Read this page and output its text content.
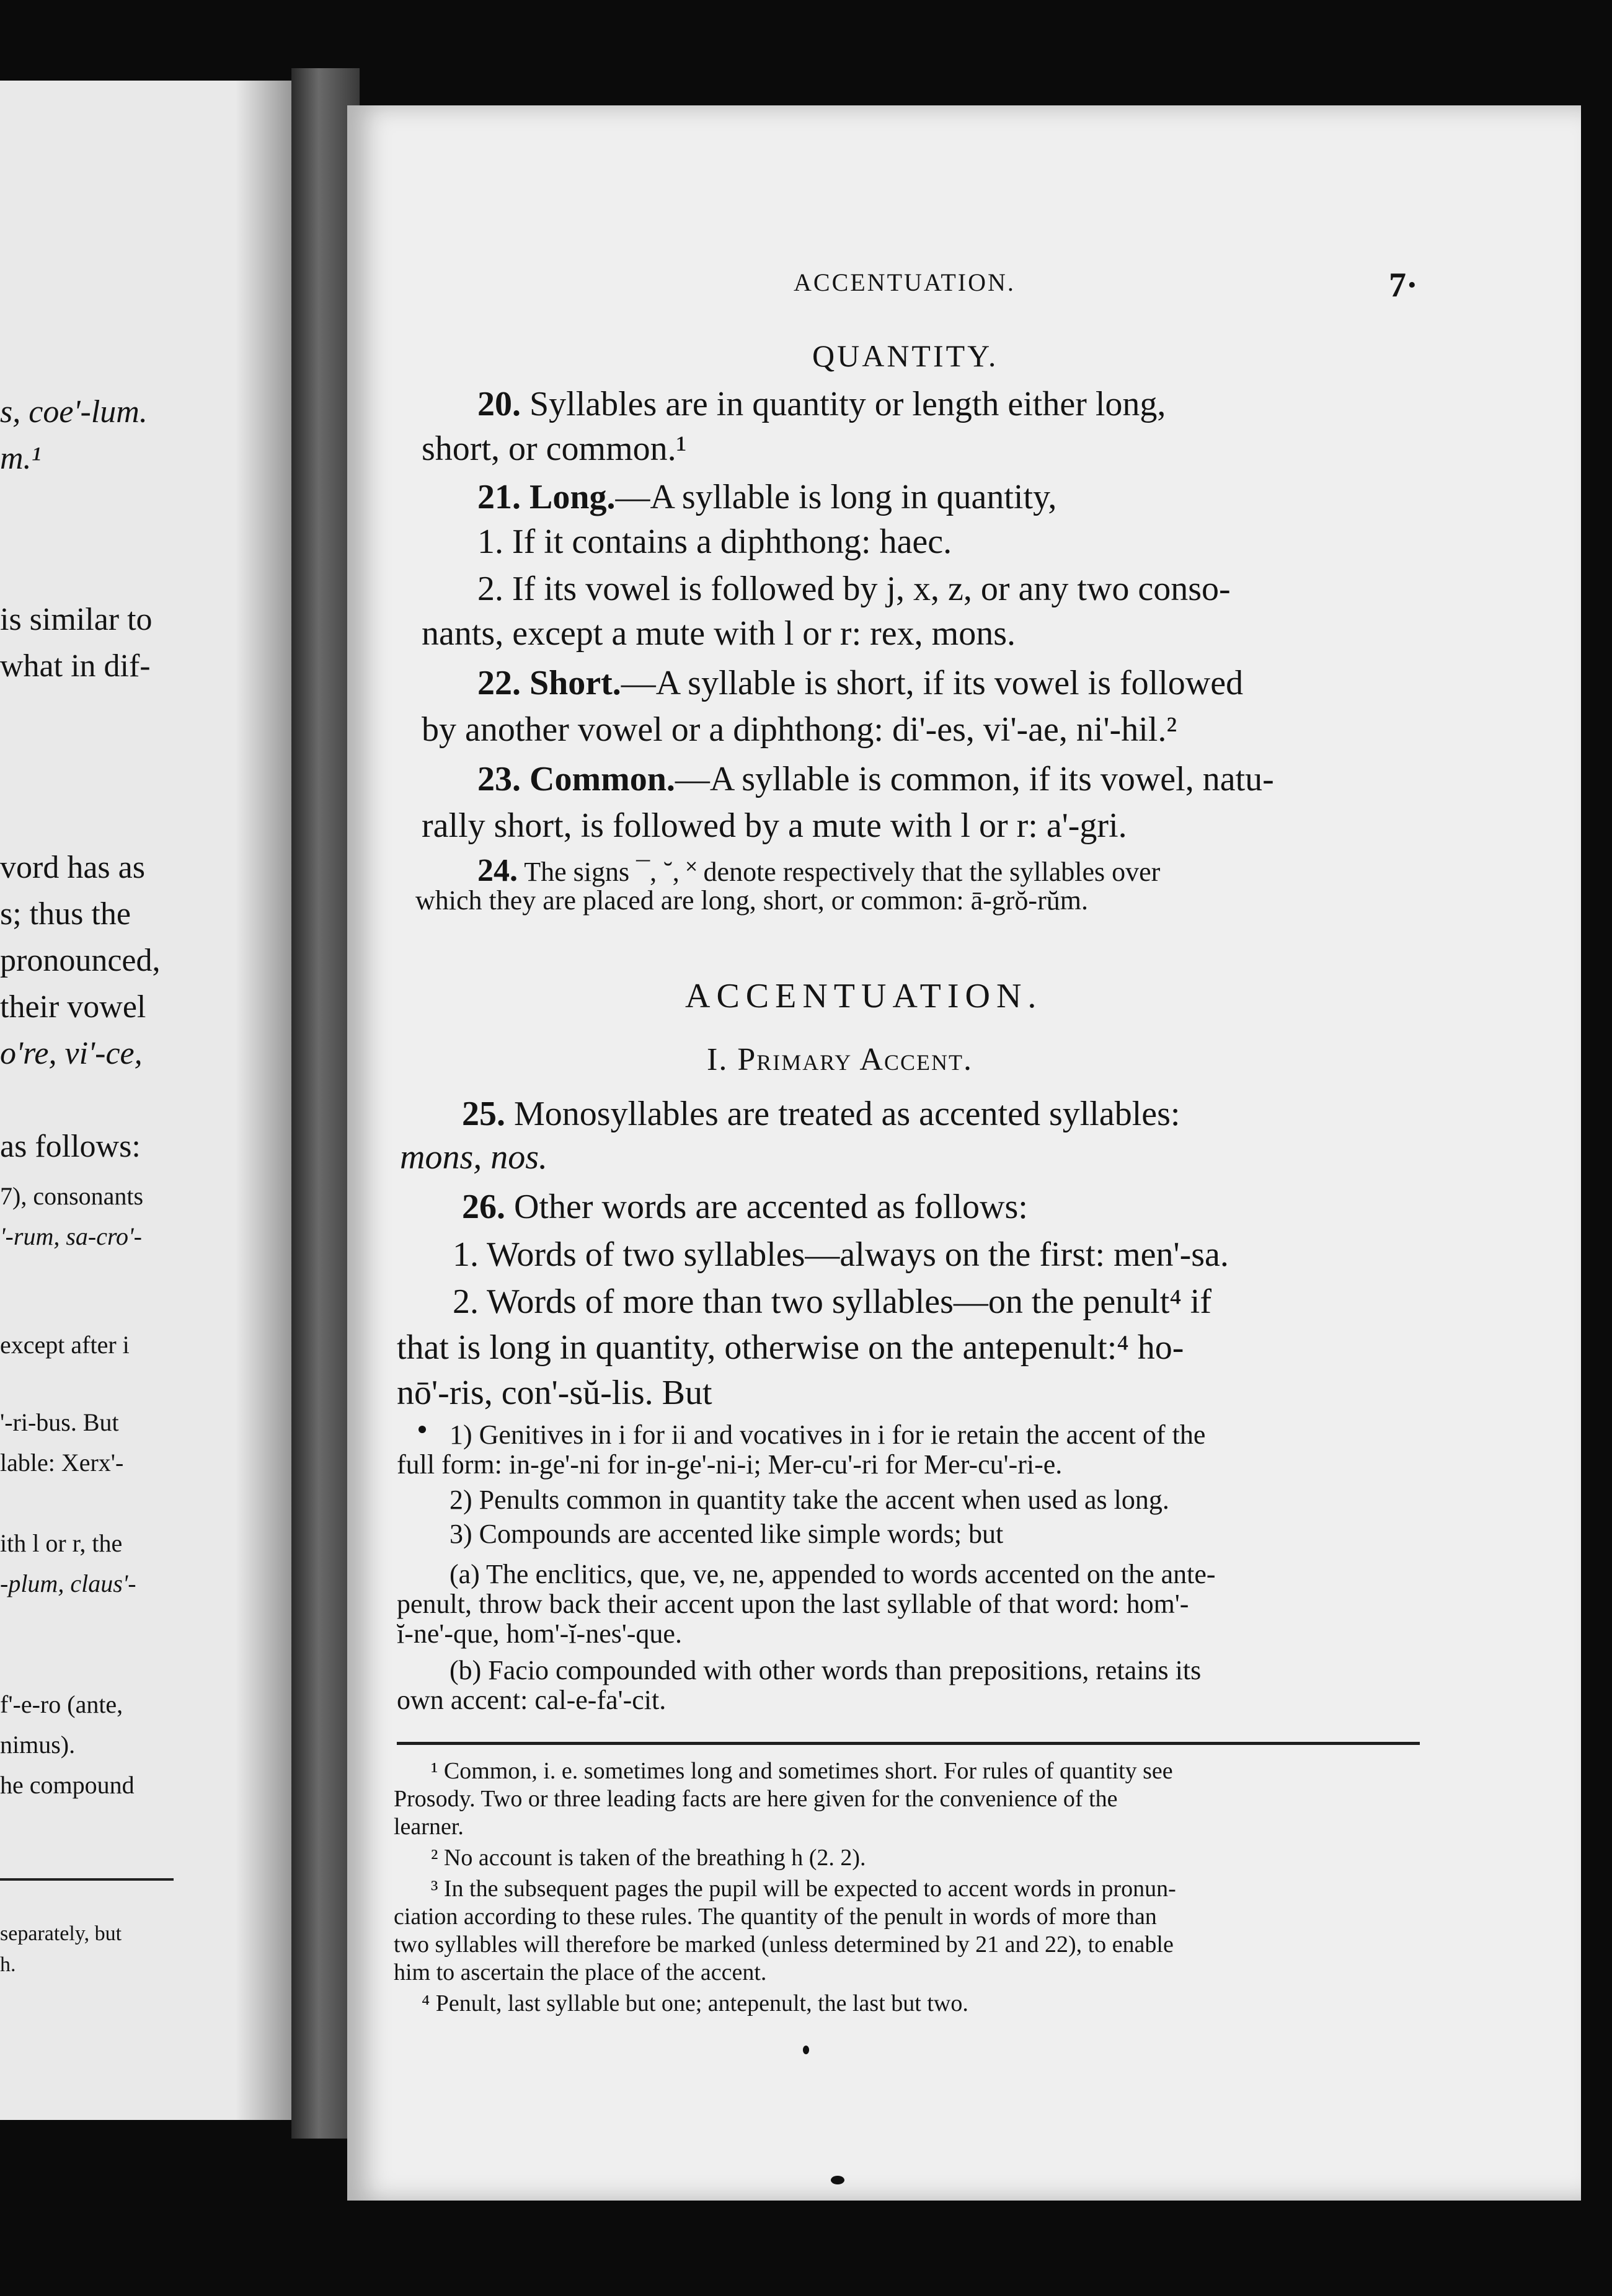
s, coe'-lum.
m.¹
is similar to
what in dif-
vord has as
s; thus the
pronounced,
their vowel
o're, vi'-ce,
as follows:
7), consonants
'-rum, sa-cro'-
except after i
'-ri-bus. But
lable: Xerx'-
ith l or r, the
-plum, claus'-
f'-e-ro (ante,
nimus).
he compound
separately, but
h.
ACCENTUATION.	7·
QUANTITY.
20. Syllables are in quantity or length either long,
short, or common.¹
21. Long.—A syllable is long in quantity,
1. If it contains a diphthong: haec.
2. If its vowel is followed by j, x, z, or any two conso-
nants, except a mute with l or r: rex, mons.
22. Short.—A syllable is short, if its vowel is followed
by another vowel or a diphthong: di'-es, vi'-ae, ni'-hil.²
23. Common.—A syllable is common, if its vowel, natu-
rally short, is followed by a mute with l or r: a'-gri.
24. The signs ¯, ˘, ˟ denote respectively that the syllables over
which they are placed are long, short, or common: ā-grŏ-rŭm.
ACCENTUATION.
I. Primary Accent.
25. Monosyllables are treated as accented syllables:
mons, nos.
26. Other words are accented as follows:
1. Words of two syllables—always on the first: men'-sa.
2. Words of more than two syllables—on the penult⁴ if
that is long in quantity, otherwise on the antepenult:⁴ ho-
nō'-ris, con'-sŭ-lis. But
1) Genitives in i for ii and vocatives in i for ie retain the accent of the
full form: in-ge'-ni for in-ge'-ni-i; Mer-cu'-ri for Mer-cu'-ri-e.
2) Penults common in quantity take the accent when used as long.
3) Compounds are accented like simple words; but
(a) The enclitics, que, ve, ne, appended to words accented on the ante-
penult, throw back their accent upon the last syllable of that word: hom'-
ĭ-ne'-que, hom'-ĭ-nes'-que.
(b) Facio compounded with other words than prepositions, retains its
own accent: cal-e-fa'-cit.
¹ Common, i. e. sometimes long and sometimes short. For rules of quantity see
Prosody. Two or three leading facts are here given for the convenience of the
learner.
² No account is taken of the breathing h (2. 2).
³ In the subsequent pages the pupil will be expected to accent words in pronun-
ciation according to these rules. The quantity of the penult in words of more than
two syllables will therefore be marked (unless determined by 21 and 22), to enable
him to ascertain the place of the accent.
⁴ Penult, last syllable but one; antepenult, the last but two.
